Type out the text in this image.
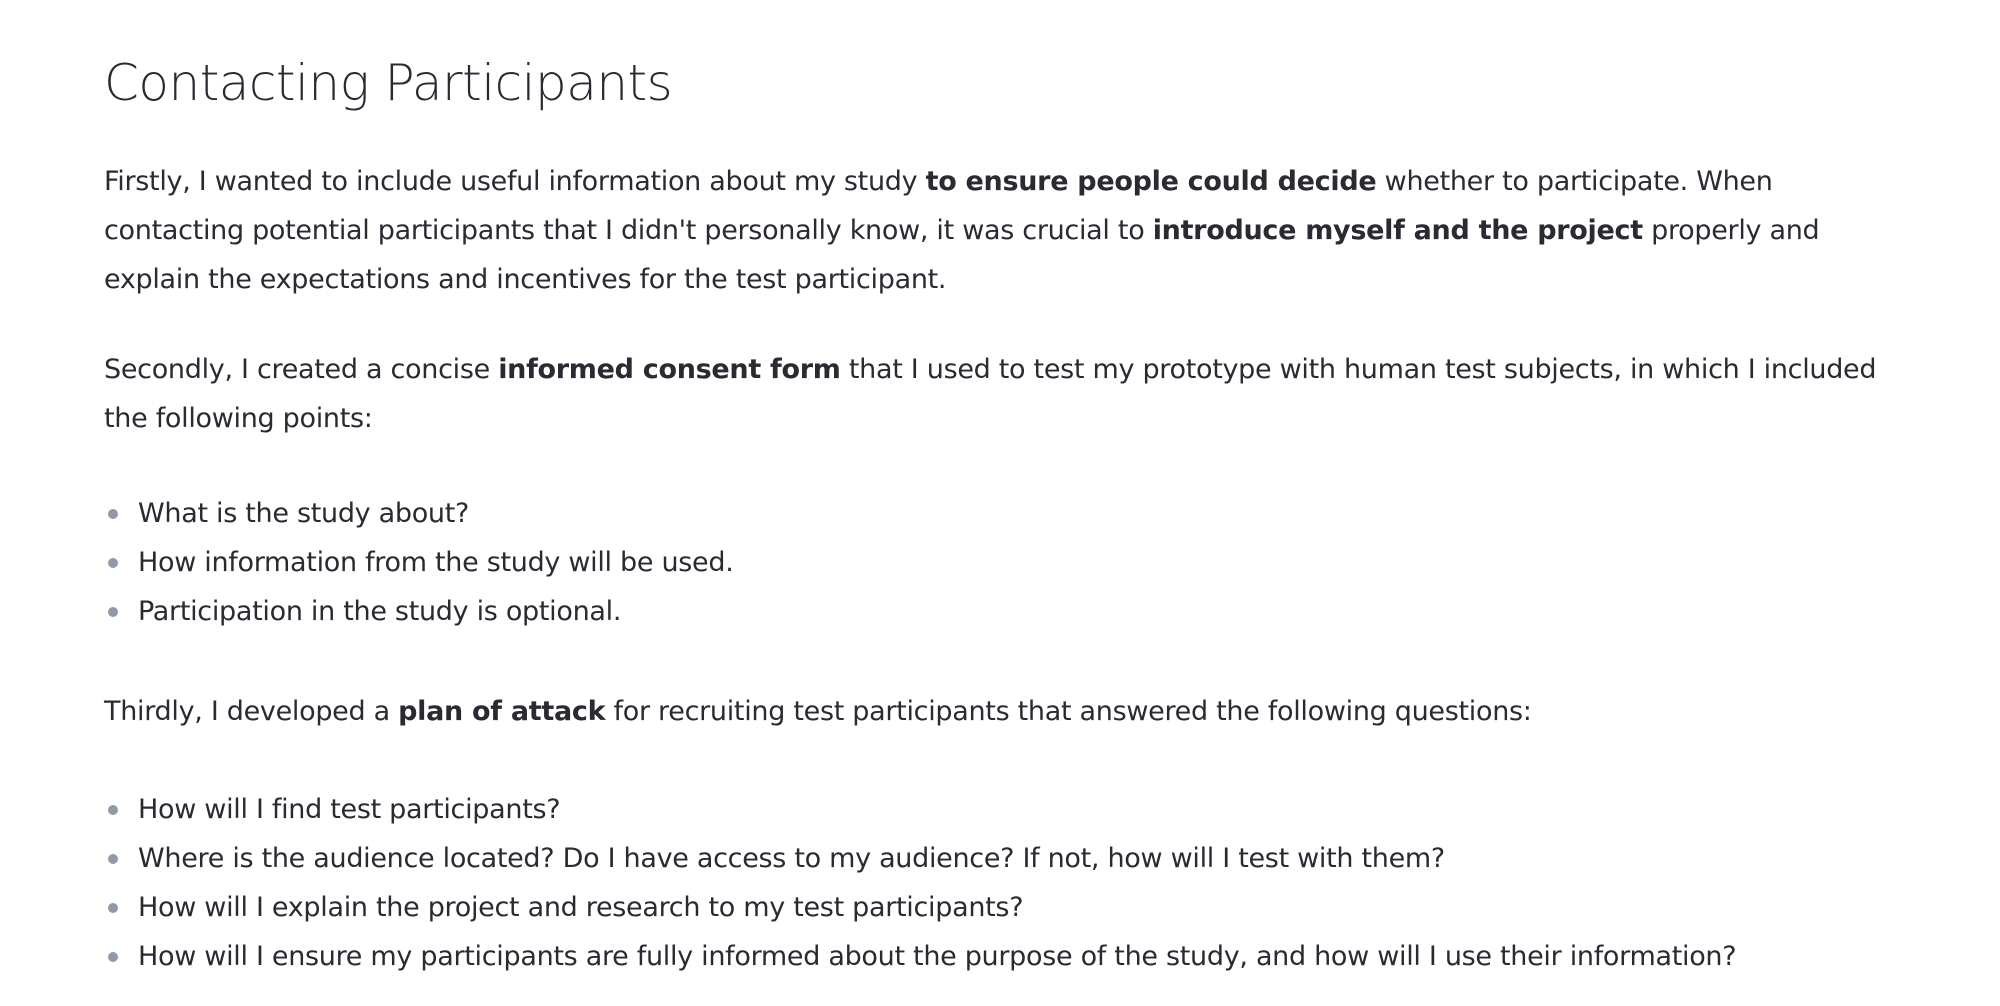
Contacting Participants

Firstly, I wanted to include useful information about my study to ensure people could decide whether to participate. When
contacting potential participants that I didn't personally know, it was crucial to introduce myself and the project properly and
explain the expectations and incentives for the test participant.

Secondly, I created a concise informed consent form that I used to test my prototype with human test subjects, in which I included
the following points:

What is the study about?
How information from the study will be used.
Participation in the study is optional.

Thirdly, I developed a plan of attack for recruiting test participants that answered the following questions:

How will I find test participants?
Where is the audience located? Do I have access to my audience? If not, how will I test with them?
How will I explain the project and research to my test participants?
How will I ensure my participants are fully informed about the purpose of the study, and how will I use their information?
